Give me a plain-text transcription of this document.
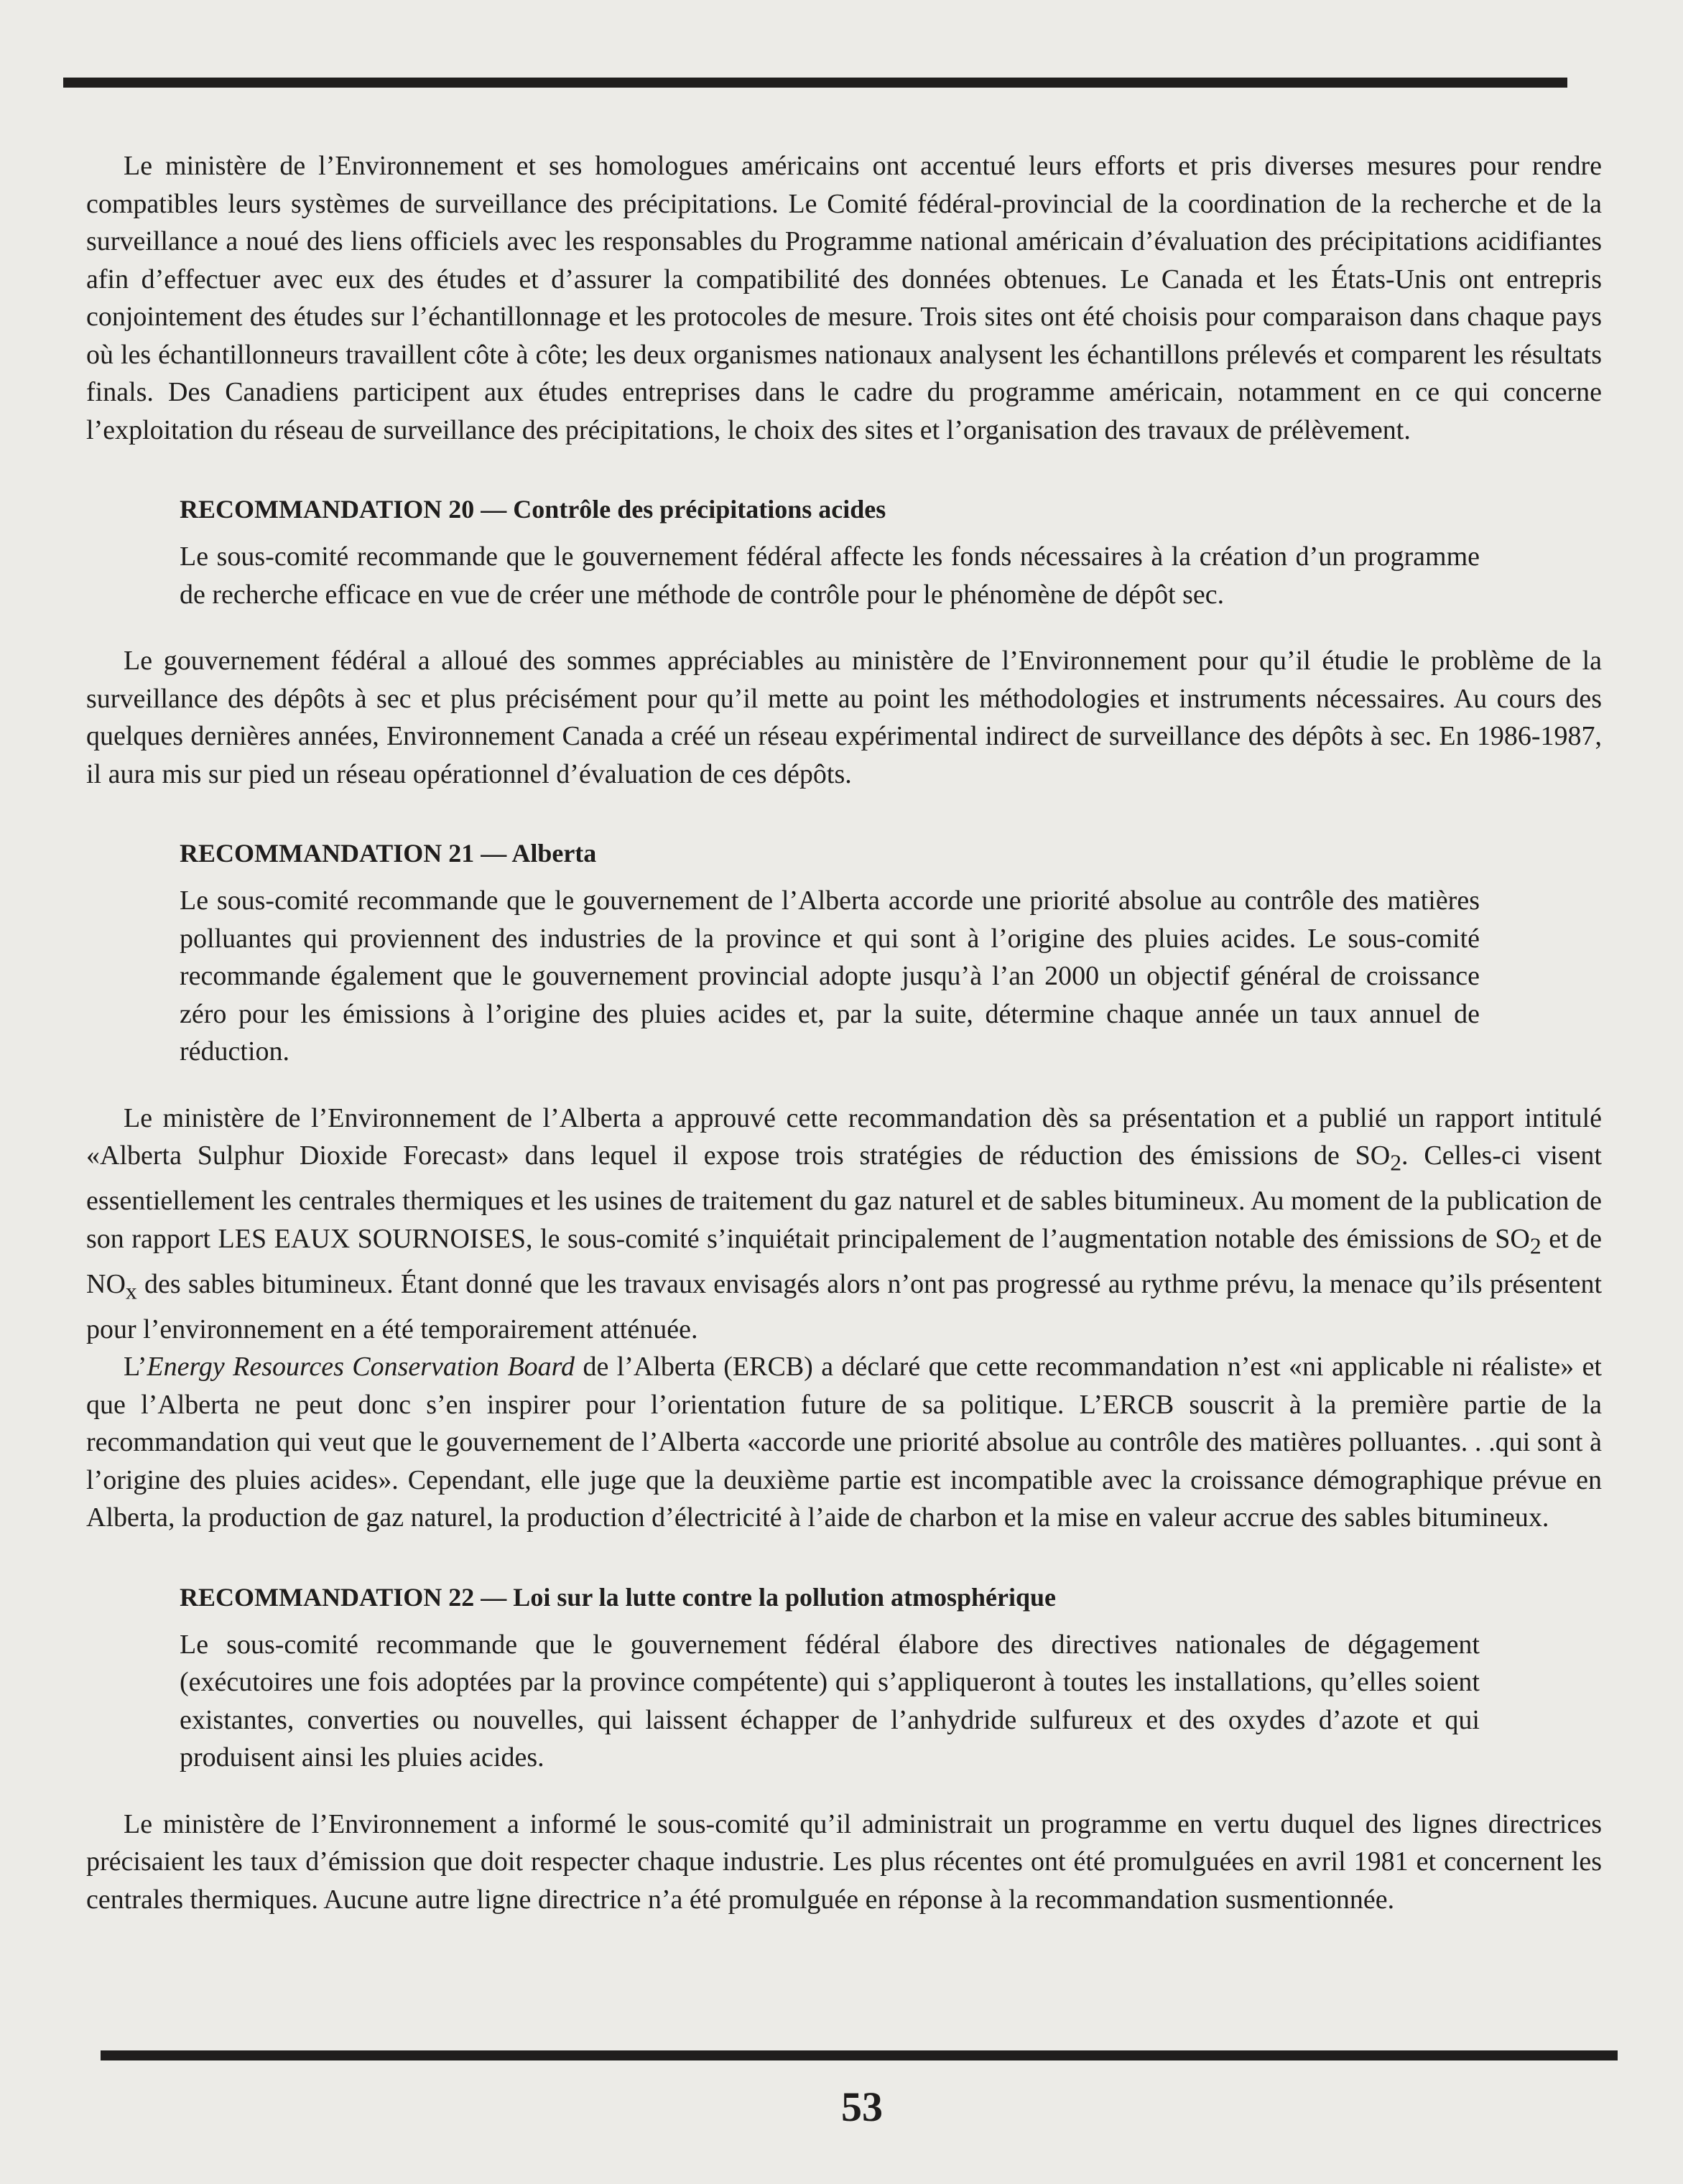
Le ministère de l’Environnement et ses homologues américains ont accentué leurs efforts et pris diverses mesures pour rendre compatibles leurs systèmes de surveillance des précipitations. Le Comité fédéral-provincial de la coordination de la recherche et de la surveillance a noué des liens officiels avec les responsables du Programme national américain d’évaluation des précipitations acidifiantes afin d’effectuer avec eux des études et d’assurer la compatibilité des données obtenues. Le Canada et les États-Unis ont entrepris conjointement des études sur l’échantillonnage et les protocoles de mesure. Trois sites ont été choisis pour comparaison dans chaque pays où les échantillonneurs travaillent côte à côte; les deux organismes nationaux analysent les échantillons prélevés et comparent les résultats finals. Des Canadiens participent aux études entreprises dans le cadre du programme américain, notamment en ce qui concerne l’exploitation du réseau de surveillance des précipitations, le choix des sites et l’organisation des travaux de prélèvement.

RECOMMANDATION 20 — Contrôle des précipitations acides

Le sous-comité recommande que le gouvernement fédéral affecte les fonds nécessaires à la création d’un programme de recherche efficace en vue de créer une méthode de contrôle pour le phénomène de dépôt sec.

Le gouvernement fédéral a alloué des sommes appréciables au ministère de l’Environnement pour qu’il étudie le problème de la surveillance des dépôts à sec et plus précisément pour qu’il mette au point les méthodologies et instruments nécessaires. Au cours des quelques dernières années, Environnement Canada a créé un réseau expérimental indirect de surveillance des dépôts à sec. En 1986-1987, il aura mis sur pied un réseau opérationnel d’évaluation de ces dépôts.

RECOMMANDATION 21 — Alberta

Le sous-comité recommande que le gouvernement de l’Alberta accorde une priorité absolue au contrôle des matières polluantes qui proviennent des industries de la province et qui sont à l’origine des pluies acides. Le sous-comité recommande également que le gouvernement provincial adopte jusqu’à l’an 2000 un objectif général de croissance zéro pour les émissions à l’origine des pluies acides et, par la suite, détermine chaque année un taux annuel de réduction.

Le ministère de l’Environnement de l’Alberta a approuvé cette recommandation dès sa présentation et a publié un rapport intitulé «Alberta Sulphur Dioxide Forecast» dans lequel il expose trois stratégies de réduction des émissions de $SO_2$. Celles-ci visent essentiellement les centrales thermiques et les usines de traitement du gaz naturel et de sables bitumineux. Au moment de la publication de son rapport LES EAUX SOURNOISES, le sous-comité s’inquiétait principalement de l’augmentation notable des émissions de $SO_2$ et de $NO_x$ des sables bitumineux. Étant donné que les travaux envisagés alors n’ont pas progressé au rythme prévu, la menace qu’ils présentent pour l’environnement en a été temporairement atténuée.

L’Energy Resources Conservation Board de l’Alberta (ERCB) a déclaré que cette recommandation n’est «ni applicable ni réaliste» et que l’Alberta ne peut donc s’en inspirer pour l’orientation future de sa politique. L’ERCB souscrit à la première partie de la recommandation qui veut que le gouvernement de l’Alberta «accorde une priorité absolue au contrôle des matières polluantes. . .qui sont à l’origine des pluies acides». Cependant, elle juge que la deuxième partie est incompatible avec la croissance démographique prévue en Alberta, la production de gaz naturel, la production d’électricité à l’aide de charbon et la mise en valeur accrue des sables bitumineux.

RECOMMANDATION 22 — Loi sur la lutte contre la pollution atmosphérique

Le sous-comité recommande que le gouvernement fédéral élabore des directives nationales de dégagement (exécutoires une fois adoptées par la province compétente) qui s’appliqueront à toutes les installations, qu’elles soient existantes, converties ou nouvelles, qui laissent échapper de l’anhydride sulfureux et des oxydes d’azote et qui produisent ainsi les pluies acides.

Le ministère de l’Environnement a informé le sous-comité qu’il administrait un programme en vertu duquel des lignes directrices précisaient les taux d’émission que doit respecter chaque industrie. Les plus récentes ont été promulguées en avril 1981 et concernent les centrales thermiques. Aucune autre ligne directrice n’a été promulguée en réponse à la recommandation susmentionnée.

53
